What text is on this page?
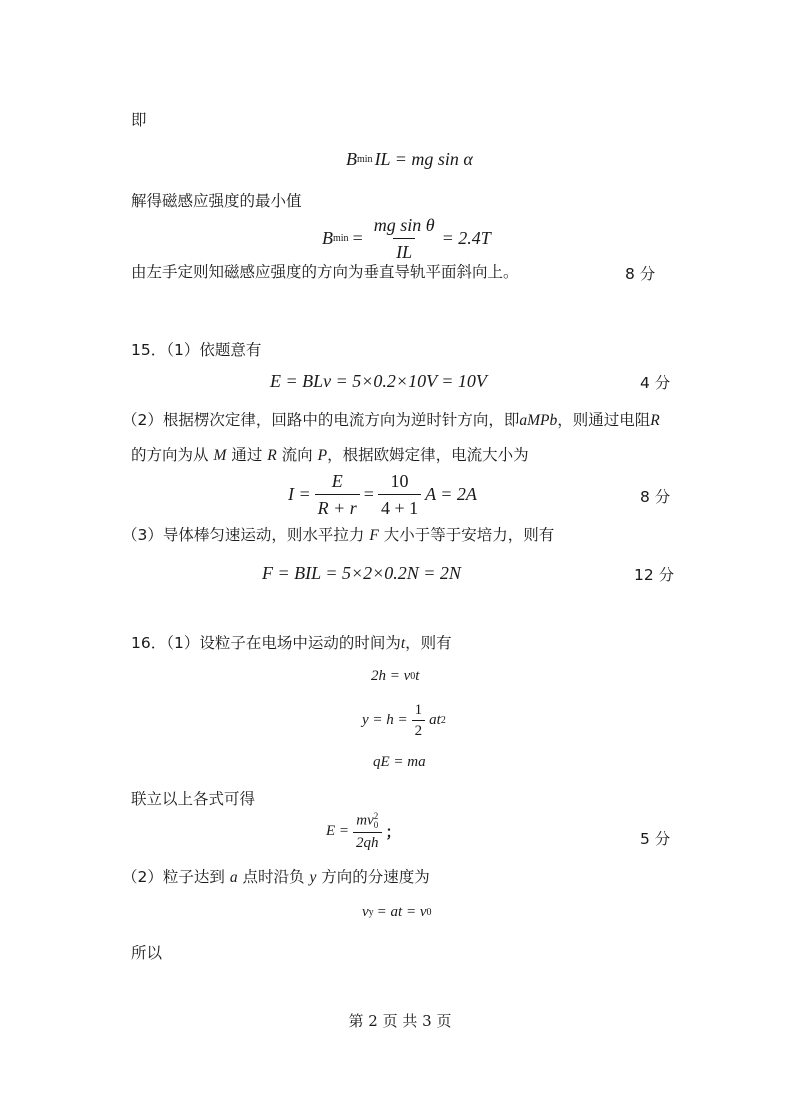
即
B min IL = mg sin α
解得磁感应强度的最小值
B $\min = \frac{\text{mg sin θ}}{IL} = 2.4T$
由左手定则知磁感应强度的方向为垂直导轨平面斜向上。	8 分
15．（1）依题意有
E = BLv = 5×0.2×10V = 10V	4 分
（2）根据楞次定律，回路中的电流方向为逆时针方向，即aMPb，则通过电阻R
的方向为从 M 通过 R 流向 P，根据欧姆定律，电流大小为
$I = \frac{E}{R + r} = \frac{10}{4 + 1}$ A = 2A	8 分
（3）导体棒匀速运动，则水平拉力 F 大小于等于安培力，则有
F = BIL = 5×2×0.2N = 2N	12 分
16．（1）设粒子在电场中运动的时间为t，则有
2h = v 0 t
$y = h = \frac{1}{2}$ at 2
qE = ma
联立以上各式可得
E = mv 2
0
2qh ；	5 分
（2）粒子达到 a 点时沿负 y 方向的分速度为
v y = at = v 0
所以
第 2 页 共 3 页
